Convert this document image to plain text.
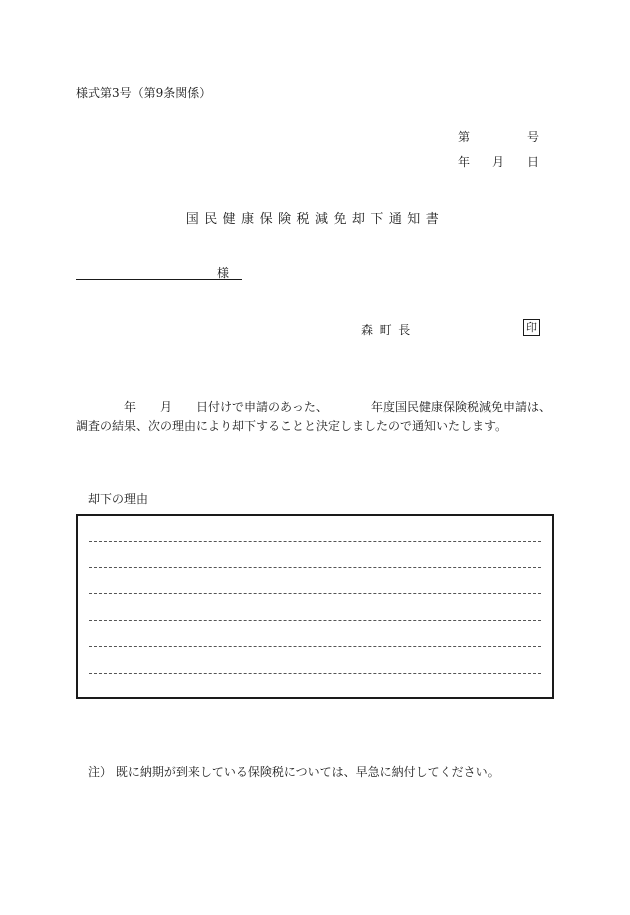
様式第3号（第9条関係）
第	号
年 月 日
国民健康保険税減免却下通知書
様
森町長	印
年 月 日付けで申請のあった、	年度国民健康保険税減免申請は、
調査の結果、次の理由により却下することと決定しましたので通知いたします。
却下の理由
注） 既に納期が到来している保険税については、早急に納付してください。
